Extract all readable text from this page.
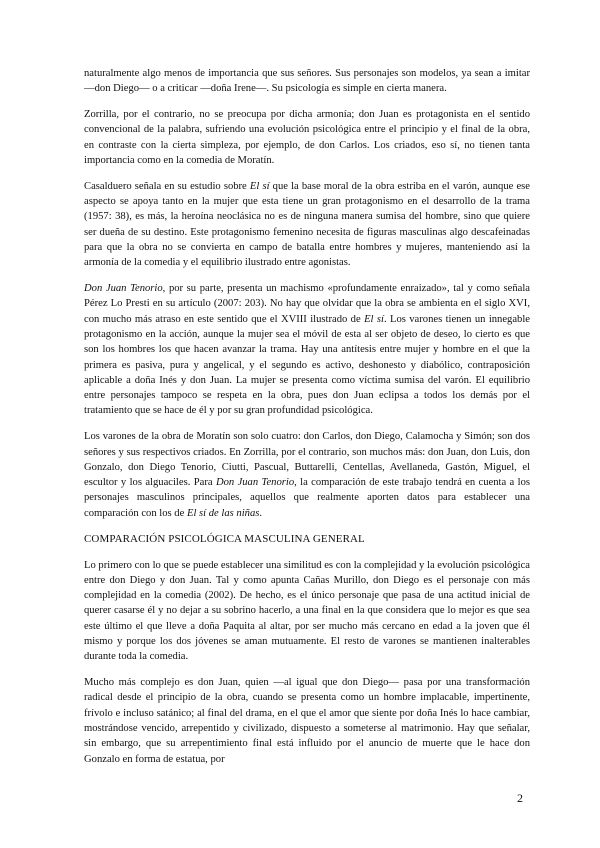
naturalmente algo menos de importancia que sus señores. Sus personajes son modelos, ya sean a imitar —don Diego— o a criticar —doña Irene—. Su psicología es simple en cierta manera.

Zorrilla, por el contrario, no se preocupa por dicha armonía; don Juan es protagonista en el sentido convencional de la palabra, sufriendo una evolución psicológica entre el principio y el final de la obra, en contraste con la cierta simpleza, por ejemplo, de don Carlos. Los criados, eso sí, no tienen tanta importancia como en la comedia de Moratín.

Casalduero señala en su estudio sobre El sí que la base moral de la obra estriba en el varón, aunque ese aspecto se apoya tanto en la mujer que esta tiene un gran protagonismo en el desarrollo de la trama (1957: 38), es más, la heroína neoclásica no es de ninguna manera sumisa del hombre, sino que quiere ser dueña de su destino. Este protagonismo femenino necesita de figuras masculinas algo descafeinadas para que la obra no se convierta en campo de batalla entre hombres y mujeres, manteniendo así la armonía de la comedia y el equilibrio ilustrado entre agonistas.

Don Juan Tenorio, por su parte, presenta un machismo «profundamente enraizado», tal y como señala Pérez Lo Presti en su artículo (2007: 203). No hay que olvidar que la obra se ambienta en el siglo XVI, con mucho más atraso en este sentido que el XVIII ilustrado de El sí. Los varones tienen un innegable protagonismo en la acción, aunque la mujer sea el móvil de esta al ser objeto de deseo, lo cierto es que son los hombres los que hacen avanzar la trama. Hay una antítesis entre mujer y hombre en el que la primera es pasiva, pura y angelical, y el segundo es activo, deshonesto y diabólico, contraposición aplicable a doña Inés y don Juan. La mujer se presenta como víctima sumisa del varón. El equilibrio entre personajes tampoco se respeta en la obra, pues don Juan eclipsa a todos los demás por el tratamiento que se hace de él y por su gran profundidad psicológica.

Los varones de la obra de Moratín son solo cuatro: don Carlos, don Diego, Calamocha y Simón; son dos señores y sus respectivos criados. En Zorrilla, por el contrario, son muchos más: don Juan, don Luis, don Gonzalo, don Diego Tenorio, Ciutti, Pascual, Buttarelli, Centellas, Avellaneda, Gastón, Miguel, el escultor y los alguaciles. Para Don Juan Tenorio, la comparación de este trabajo tendrá en cuenta a los personajes masculinos principales, aquellos que realmente aporten datos para establecer una comparación con los de El sí de las niñas.

COMPARACIÓN PSICOLÓGICA MASCULINA GENERAL

Lo primero con lo que se puede establecer una similitud es con la complejidad y la evolución psicológica entre don Diego y don Juan. Tal y como apunta Cañas Murillo, don Diego es el personaje con más complejidad en la comedia (2002). De hecho, es el único personaje que pasa de una actitud inicial de querer casarse él y no dejar a su sobrino hacerlo, a una final en la que considera que lo mejor es que sea este último el que lleve a doña Paquita al altar, por ser mucho más cercano en edad a la joven que él mismo y porque los dos jóvenes se aman mutuamente. El resto de varones se mantienen inalterables durante toda la comedia.

Mucho más complejo es don Juan, quien —al igual que don Diego— pasa por una transformación radical desde el principio de la obra, cuando se presenta como un hombre implacable, impertinente, frívolo e incluso satánico; al final del drama, en el que el amor que siente por doña Inés lo hace cambiar, mostrándose vencido, arrepentido y civilizado, dispuesto a someterse al matrimonio. Hay que señalar, sin embargo, que su arrepentimiento final está influido por el anuncio de muerte que le hace don Gonzalo en forma de estatua, por

2
